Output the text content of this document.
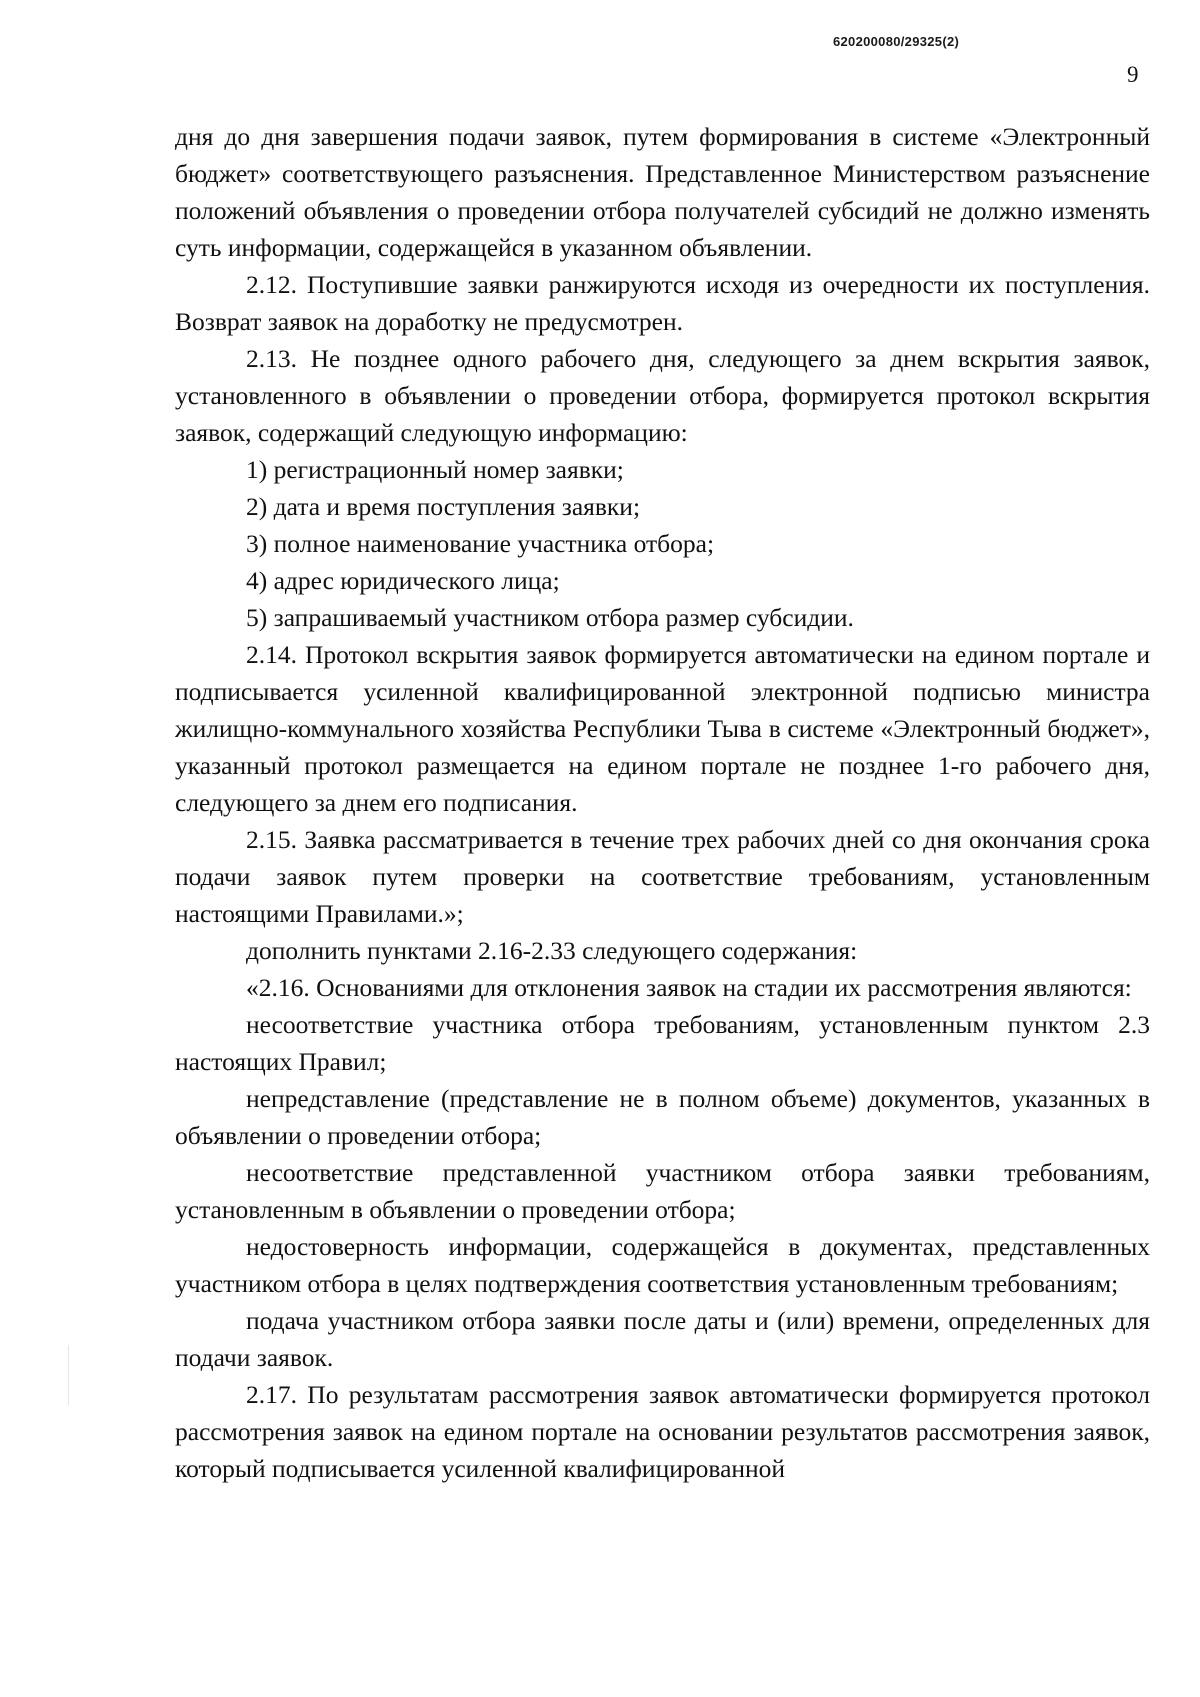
620200080/29325(2)
9

дня до дня завершения подачи заявок, путем формирования в системе «Электронный бюджет» соответствующего разъяснения. Представленное Министерством разъяснение положений объявления о проведении отбора получателей субсидий не должно изменять суть информации, содержащейся в указанном объявлении.

2.12. Поступившие заявки ранжируются исходя из очередности их поступления. Возврат заявок на доработку не предусмотрен.

2.13. Не позднее одного рабочего дня, следующего за днем вскрытия заявок, установленного в объявлении о проведении отбора, формируется протокол вскрытия заявок, содержащий следующую информацию:

1) регистрационный номер заявки;

2) дата и время поступления заявки;

3) полное наименование участника отбора;

4) адрес юридического лица;

5) запрашиваемый участником отбора размер субсидии.

2.14. Протокол вскрытия заявок формируется автоматически на едином портале и подписывается усиленной квалифицированной электронной подписью министра жилищно-коммунального хозяйства Республики Тыва в системе «Электронный бюджет», указанный протокол размещается на едином портале не позднее 1-го рабочего дня, следующего за днем его подписания.

2.15. Заявка рассматривается в течение трех рабочих дней со дня окончания срока подачи заявок путем проверки на соответствие требованиям, установленным настоящими Правилами.»;

дополнить пунктами 2.16-2.33 следующего содержания:

«2.16. Основаниями для отклонения заявок на стадии их рассмотрения являются:

несоответствие участника отбора требованиям, установленным пунктом 2.3 настоящих Правил;

непредставление (представление не в полном объеме) документов, указанных в объявлении о проведении отбора;

несоответствие представленной участником отбора заявки требованиям, установленным в объявлении о проведении отбора;

недостоверность информации, содержащейся в документах, представленных участником отбора в целях подтверждения соответствия установленным требованиям;

подача участником отбора заявки после даты и (или) времени, определенных для подачи заявок.

2.17. По результатам рассмотрения заявок автоматически формируется протокол рассмотрения заявок на едином портале на основании результатов рассмотрения заявок, который подписывается усиленной квалифицированной
